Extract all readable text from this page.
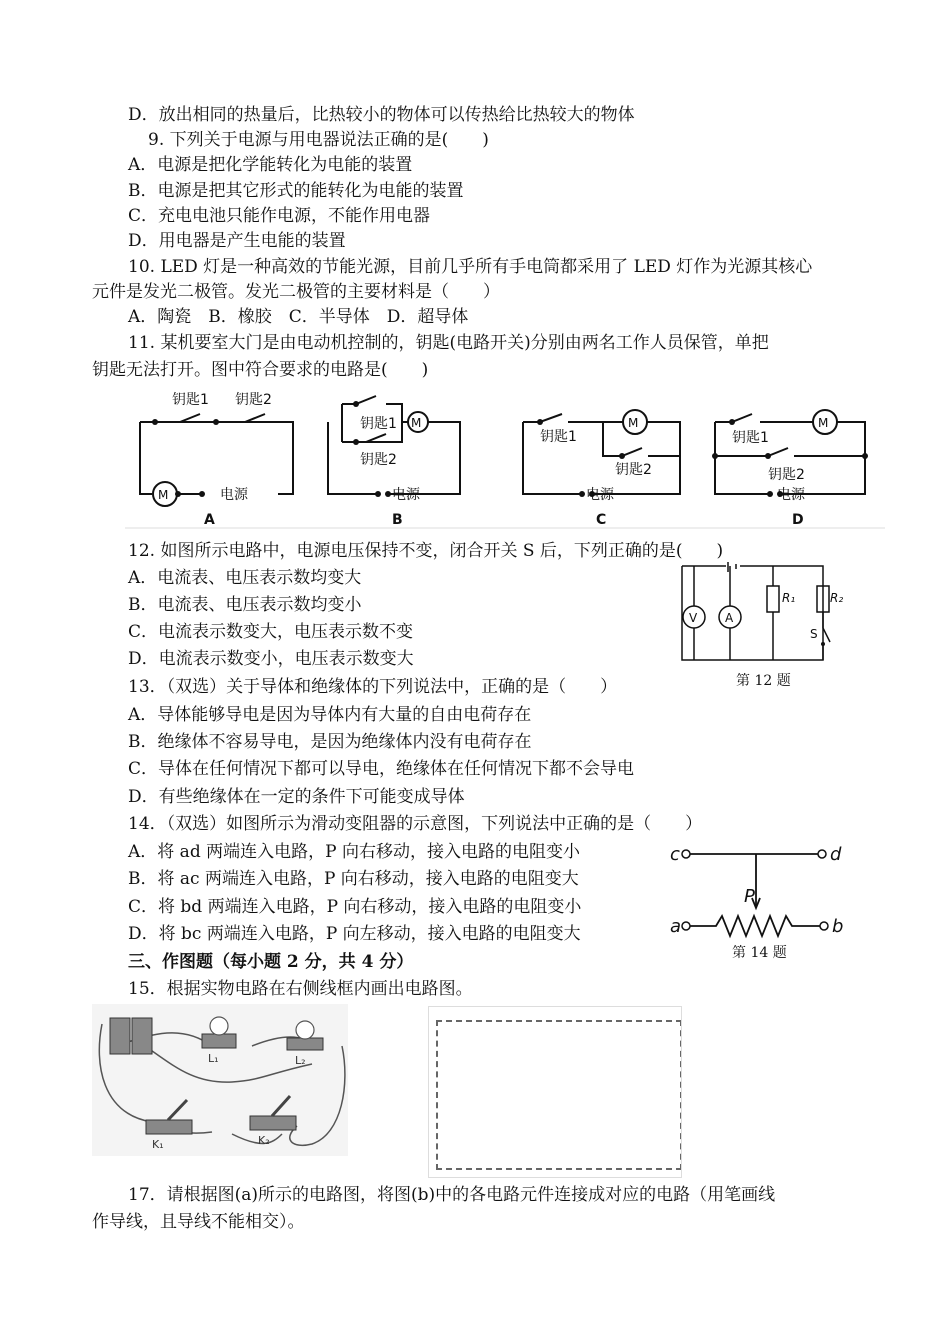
D．放出相同的热量后，比热较小的物体可以传热给比热较大的物体
9. 下列关于电源与用电器说法正确的是(　　)
A．电源是把化学能转化为电能的装置
B．电源是把其它形式的能转化为电能的装置
C．充电电池只能作电源，不能作用电器
D．用电器是产生电能的装置
10. LED 灯是一种高效的节能光源，目前几乎所有手电筒都采用了 LED 灯作为光源其核心
元件是发光二极管。发光二极管的主要材料是（　　）
A．陶瓷　B．橡胶　C．半导体　D．超导体
11. 某机要室大门是由电动机控制的，钥匙(电路开关)分别由两名工作人员保管，单把
钥匙无法打开。图中符合要求的电路是(　　)
钥匙1 钥匙2
M	电源
A
钥匙1
钥匙2
M
电源
B
钥匙1
钥匙2
M
电源
C
钥匙1
钥匙2
M
电源
D
12. 如图所示电路中，电源电压保持不变，闭合开关 S 后，下列正确的是(　　)
A．电流表、电压表示数均变大
B．电流表、电压表示数均变小
C．电流表示数变大，电压表示数不变
D．电流表示数变小，电压表示数变大
V A
R₁	R₂
S
第 12 题
13．（双选）关于导体和绝缘体的下列说法中，正确的是（　　）
A．导体能够导电是因为导体内有大量的自由电荷存在
B．绝缘体不容易导电，是因为绝缘体内没有电荷存在
C．导体在任何情况下都可以导电，绝缘体在任何情况下都不会导电
D．有些绝缘体在一定的条件下可能变成导体
14．（双选）如图所示为滑动变阻器的示意图，下列说法中正确的是（　　）
A．将 ad 两端连入电路，P 向右移动，接入电路的电阻变小
B．将 ac 两端连入电路，P 向右移动，接入电路的电阻变大
C．将 bd 两端连入电路，P 向右移动，接入电路的电阻变小
D．将 bc 两端连入电路，P 向左移动，接入电路的电阻变大
c	d
a	b
P
第 14 题
三、作图题（每小题 2 分，共 4 分）
15．根据实物电路在右侧线框内画出电路图。
L₁	L₂
K₁	K₂
17．请根据图(a)所示的电路图，将图(b)中的各电路元件连接成对应的电路（用笔画线
作导线，且导线不能相交）。
